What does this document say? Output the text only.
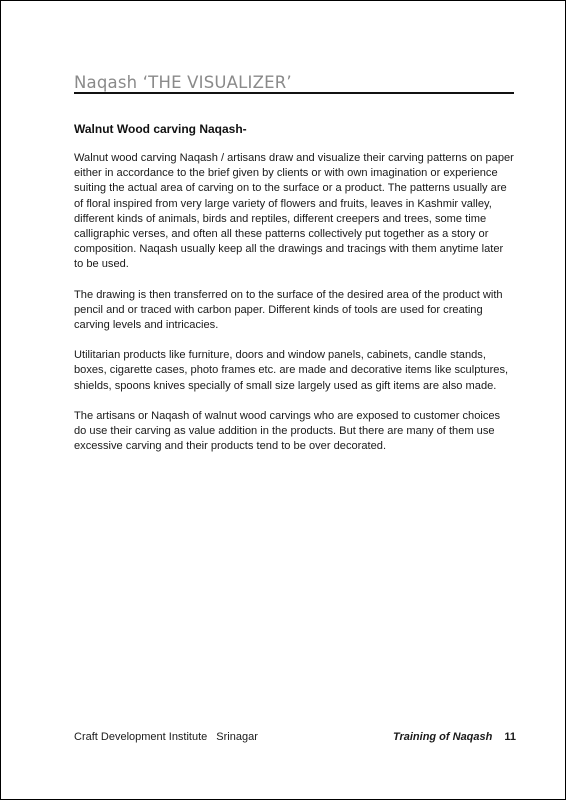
Naqash ‘THE VISUALIZER’
Walnut Wood carving Naqash-

Walnut wood carving Naqash / artisans draw and visualize their carving patterns on paper either in accordance to the brief given by clients or with own imagination or experience suiting the actual area of carving on to the surface or a product. The patterns usually are of floral inspired from very large variety of flowers and fruits, leaves in Kashmir valley, different kinds of animals, birds and reptiles, different creepers and trees, some time calligraphic verses, and often all these patterns collectively put together as a story or composition. Naqash usually keep all the drawings and tracings with them anytime later to be used.

The drawing is then transferred on to the surface of the desired area of the product with pencil and or traced with carbon paper. Different kinds of tools are used for creating carving levels and intricacies.

Utilitarian products like furniture, doors and window panels, cabinets, candle stands, boxes, cigarette cases, photo frames etc. are made and decorative items like sculptures, shields, spoons knives specially of small size largely used as gift items are also made.

The artisans or Naqash of walnut wood carvings who are exposed to customer choices do use their carving as value addition in the products. But there are many of them use excessive carving and their products tend to be over decorated.

Craft Development Institute Srinagar	Training of Naqash 11
